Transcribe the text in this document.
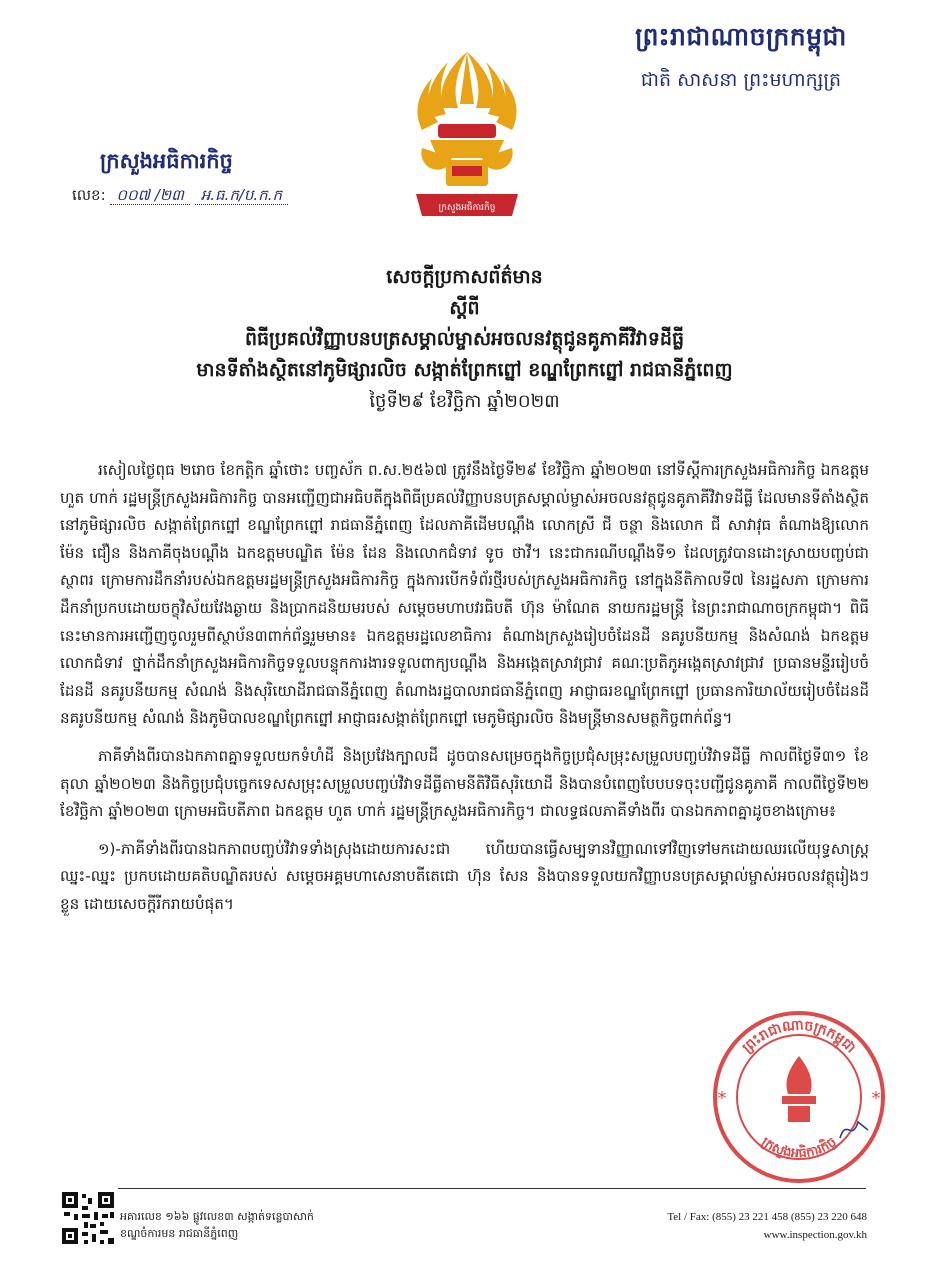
ព្រះរាជាណាចក្រកម្ពុជា
ជាតិ សាសនា ព្រះមហាក្សត្រ
ក្រសួងអធិការកិច្ច
ក្រសួងអធិការកិច្ច
លេខ: ០០៧ /២៣ អ.ធ.ក/ប.ក.ក
សេចក្តីប្រកាសព័ត៌មាន
ស្តីពី
ពិធីប្រគល់វិញ្ញាបនបត្រសម្គាល់ម្ចាស់អចលនវត្ថុជូនគូភាគីវិវាទដីធ្លី
មានទីតាំងស្ថិតនៅភូមិផ្សារលិច សង្កាត់ព្រែកព្នៅ ខណ្ឌព្រែកព្នៅ រាជធានីភ្នំពេញ
ថ្ងៃទី២៩ ខែវិច្ឆិកា ឆ្នាំ២០២៣

រសៀលថ្ងៃពុធ ២រោច ខែកត្ដិក ឆ្នាំថោះ បញ្ចស័ក ព.ស.២៥៦៧ ត្រូវនឹងថ្ងៃទី២៩ ខែវិច្ឆិកា ឆ្នាំ២០២៣ នៅទីស្តីការក្រសួងអធិការកិច្ច ឯកឧត្តម ហួត ហាក់ រដ្ឋមន្ត្រីក្រសួងអធិការកិច្ច បានអញ្ជើញជាអធិបតីក្នុងពិធីប្រគល់វិញ្ញាបនបត្រសម្គាល់ម្ចាស់អចលនវត្ថុជូនគូភាគីវិវាទដីធ្លី ដែលមានទីតាំងស្ថិតនៅភូមិផ្សារលិច សង្កាត់ព្រែកព្នៅ ខណ្ឌព្រែកព្នៅ រាជធានីភ្នំពេញ ដែលភាគីដើមបណ្តឹង លោកស្រី ជី ចន្ថា និងលោក ជី សាវាវុធ តំណាងឱ្យលោក ម៉ែន ជឿន និងភាគីចុងបណ្តឹង ឯកឧត្តមបណ្ឌិត ម៉ែន ដែន និងលោកជំទាវ ទូច ថាវី។ នេះជាករណីបណ្តឹងទី១ ដែលត្រូវបានដោះស្រាយបញ្ចប់ជាស្ថាពរ ក្រោមការដឹកនាំរបស់ឯកឧត្តមរដ្ឋមន្ត្រីក្រសួងអធិការកិច្ច ក្នុងការបើកទំព័រថ្មីរបស់ក្រសួងអធិការកិច្ច នៅក្នុងនីតិកាលទី៧ នៃរដ្ឋសភា ក្រោមការដឹកនាំប្រកបដោយចក្ខុវិស័យវែងឆ្ងាយ និងប្រាកដនិយមរបស់ សម្តេចមហាបវរធិបតី ហ៊ុន ម៉ាណែត នាយករដ្ឋមន្ត្រី នៃព្រះរាជាណាចក្រកម្ពុជា។ ពិធីនេះមានការអញ្ជើញចូលរួមពីស្ថាប័ន៣ពាក់ព័ន្ធរួមមាន៖ ឯកឧត្តមរដ្ឋលេខាធិការ តំណាងក្រសួងរៀបចំដែនដី នគរូបនីយកម្ម និងសំណង់ ឯកឧត្តម លោកជំទាវ ថ្នាក់ដឹកនាំក្រសួងអធិការកិច្ចទទួលបន្ទុកការងារទទួលពាក្យបណ្ដឹង និងអង្កេតស្រាវជ្រាវ គណៈប្រតិភូអង្កេតស្រាវជ្រាវ ប្រធានមន្ទីររៀបចំដែនដី នគរូបនីយកម្ម សំណង់ និងសុរិយោដីរាជធានីភ្នំពេញ តំណាងរដ្ឋបាលរាជធានីភ្នំពេញ អាជ្ញាធរខណ្ឌព្រែកព្នៅ ប្រធានការិយាល័យរៀបចំដែនដី នគរូបនីយកម្ម សំណង់ និងភូមិបាលខណ្ឌព្រែកព្នៅ អាជ្ញាធរសង្កាត់ព្រែកព្នៅ មេភូមិផ្សារលិច និងមន្ត្រីមានសមត្ថកិច្ចពាក់ព័ន្ធ។

ភាគីទាំងពីរបានឯកភាពគ្នាទទួលយកទំហំដី និងប្រវែងក្បាលដី ដូចបានសម្រេចក្នុងកិច្ចប្រជុំសម្រុះសម្រួលបញ្ចប់វិវាទដីធ្លី កាលពីថ្ងៃទី៣១ ខែតុលា ឆ្នាំ២០២៣ និងកិច្ចប្រជុំបច្ចេកទេសសម្រុះសម្រួលបញ្ចប់វិវាទដីធ្លីតាមនីតិវិធីសុរិយោដី និងបានបំពេញបែបបទចុះបញ្ជីជូនគូភាគី កាលពីថ្ងៃទី២២ ខែវិច្ឆិកា ឆ្នាំ២០២៣ ក្រោមអធិបតីភាព ឯកឧត្តម ហួត ហាក់ រដ្ឋមន្ត្រីក្រសួងអធិការកិច្ច។ ជាលទ្ធផលភាគីទាំងពីរ បានឯកភាពគ្នាដូចខាងក្រោម៖

១)-ភាគីទាំងពីរបានឯកភាពបញ្ចប់វិវាទទាំងស្រុងដោយការសះជា ហើយបានធ្វើសម្បទានវិញ្ញាណទៅវិញទៅមកដោយឈរលើយុទ្ធសាស្ត្រ ឈ្នះ-ឈ្នះ ប្រកបដោយគតិបណ្ឌិតរបស់ សម្តេចអគ្គមហាសេនាបតីតេជោ ហ៊ុន សែន និងបានទទួលយកវិញ្ញាបនបត្រសម្គាល់ម្ចាស់អចលនវត្ថុរៀងៗខ្លួន ដោយសេចក្តីរីករាយបំផុត។

ព្រះរាជាណាចក្រកម្ពុជា
ក្រសួងអធិការកិច្ច
*
*
អគារលេខ ១៦៦ ផ្លូវលេខ៣ សង្កាត់ទន្លេបាសាក់
ខណ្ឌចំការមន រាជធានីភ្នំពេញ
Tel / Fax: (855) 23 221 458 (855) 23 220 648
www.inspection.gov.kh
